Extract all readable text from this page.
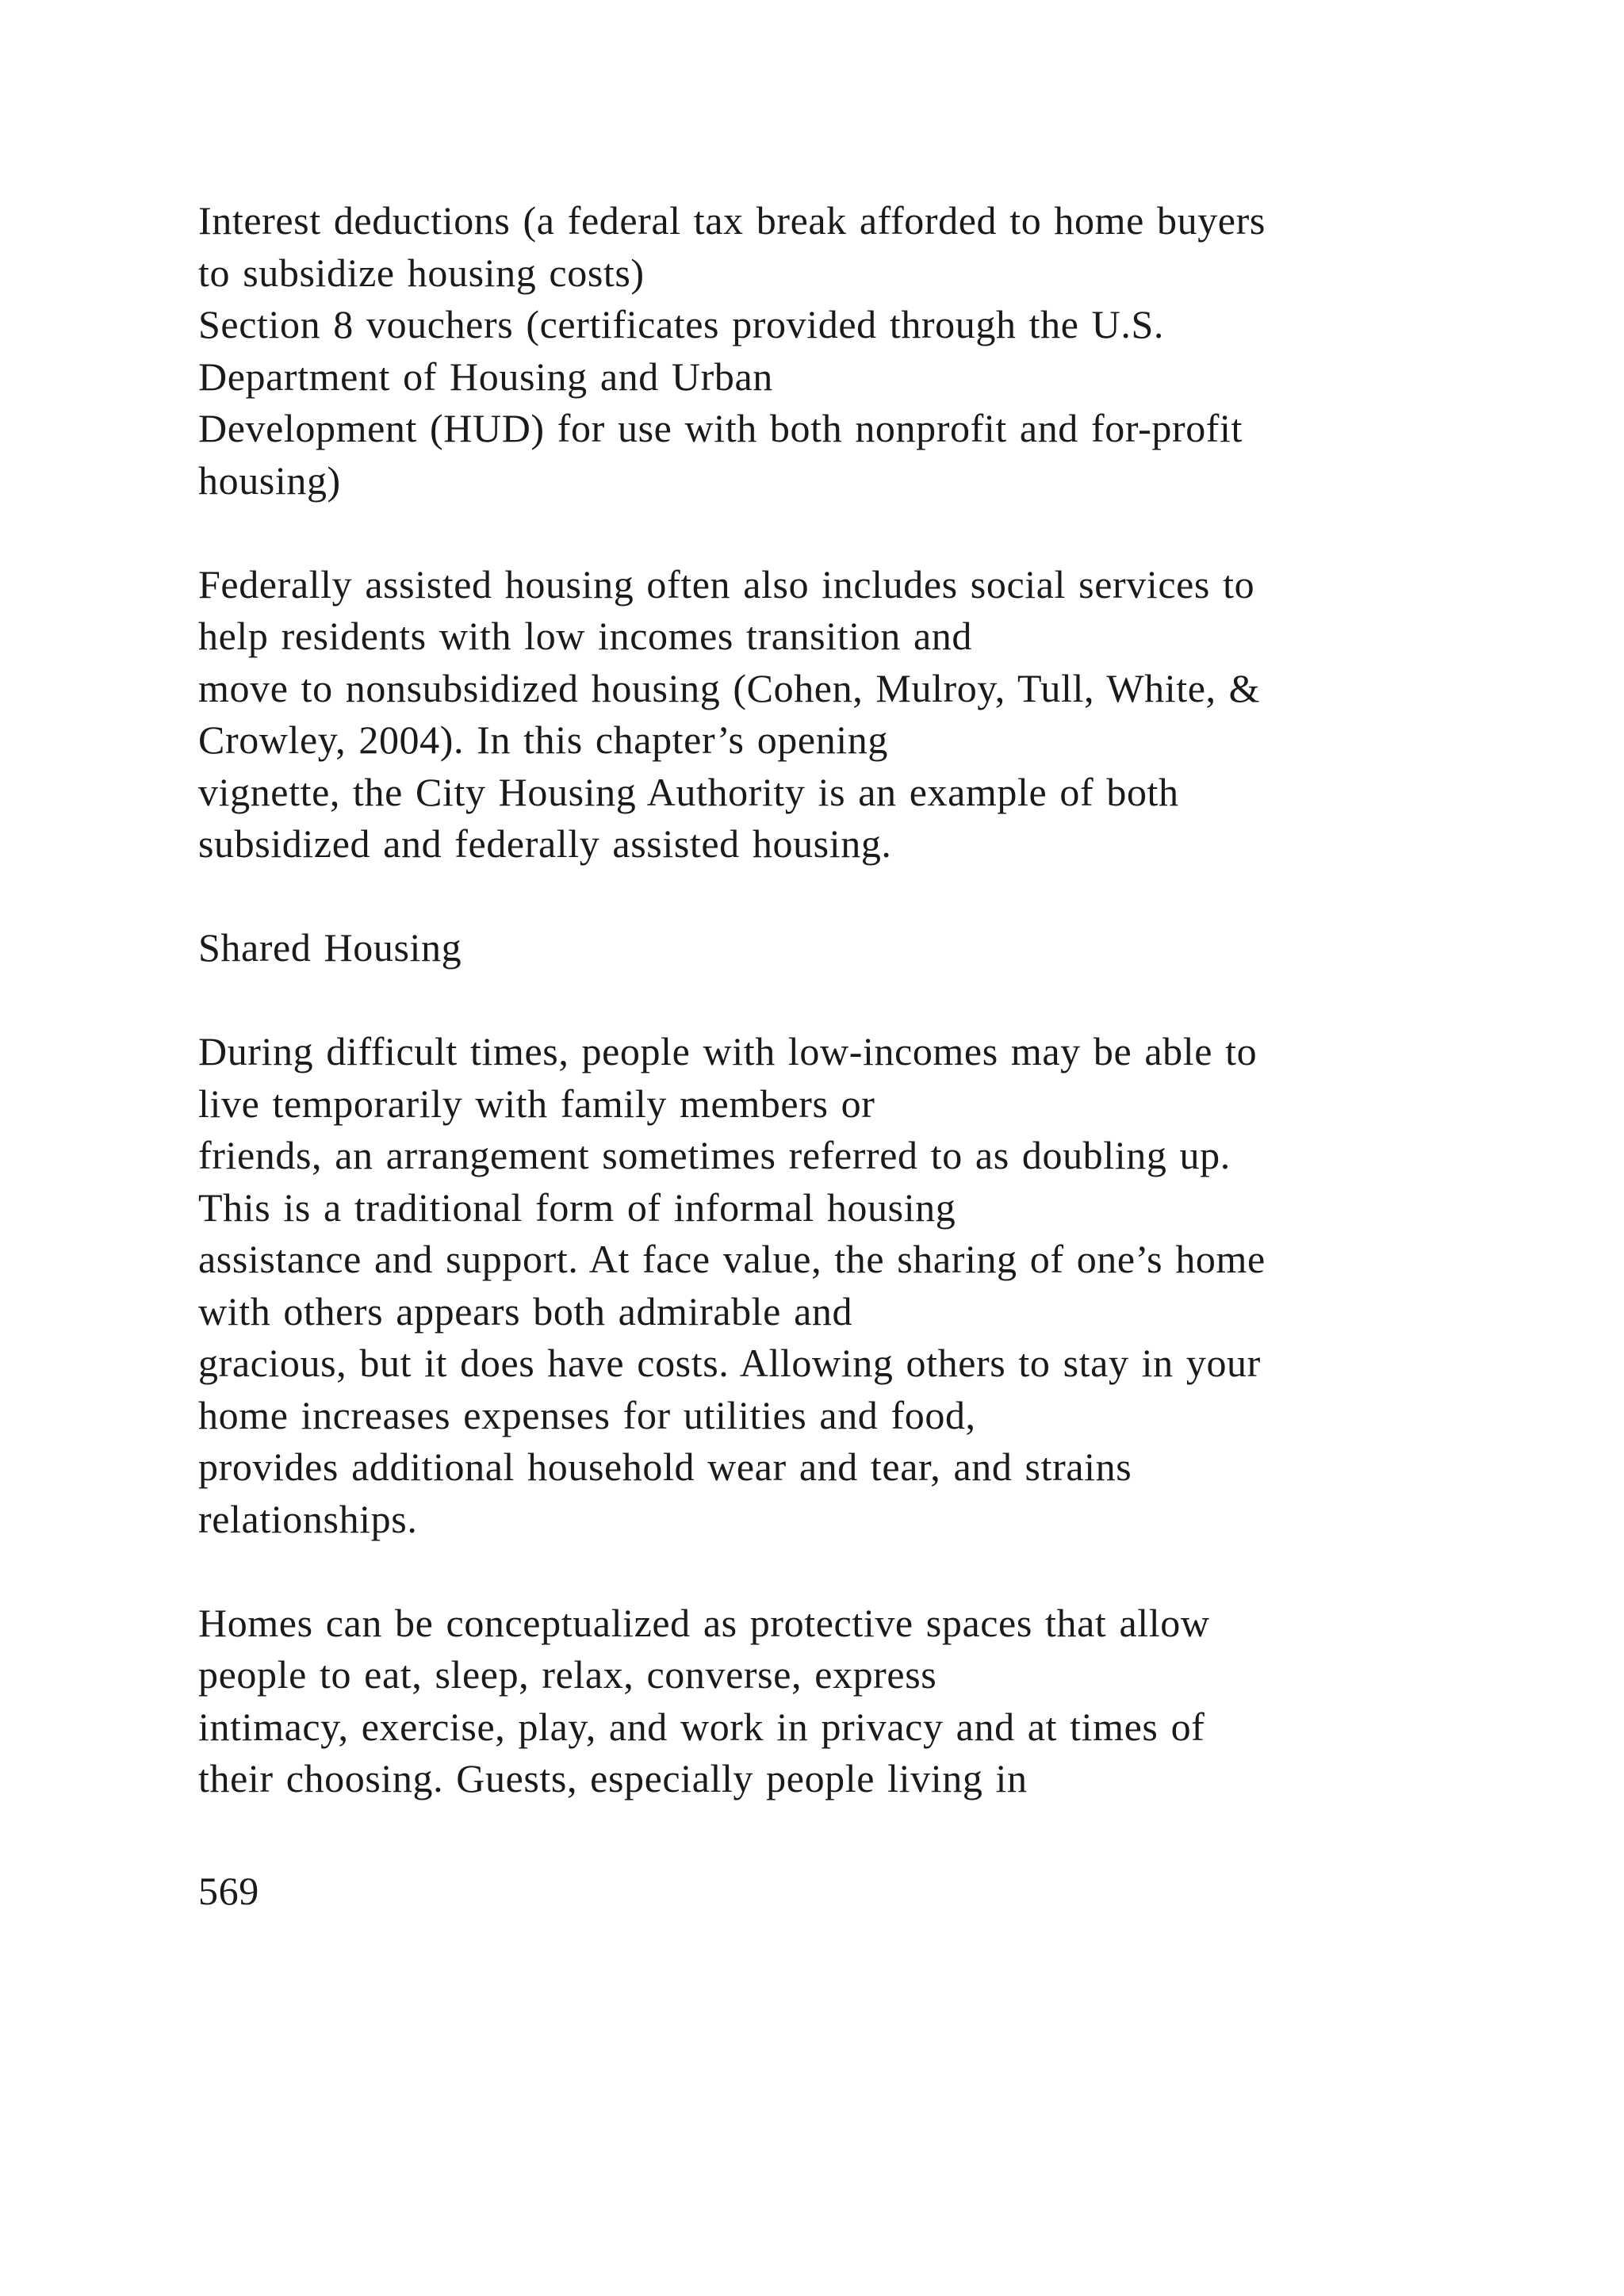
Interest deductions (a federal tax break afforded to home buyers
to subsidize housing costs)
Section 8 vouchers (certificates provided through the U.S.
Department of Housing and Urban
Development (HUD) for use with both nonprofit and for-profit
housing)
Federally assisted housing often also includes social services to
help residents with low incomes transition and
move to nonsubsidized housing (Cohen, Mulroy, Tull, White, &
Crowley, 2004). In this chapter’s opening
vignette, the City Housing Authority is an example of both
subsidized and federally assisted housing.
Shared Housing
During difficult times, people with low-incomes may be able to
live temporarily with family members or
friends, an arrangement sometimes referred to as doubling up.
This is a traditional form of informal housing
assistance and support. At face value, the sharing of one’s home
with others appears both admirable and
gracious, but it does have costs. Allowing others to stay in your
home increases expenses for utilities and food,
provides additional household wear and tear, and strains
relationships.
Homes can be conceptualized as protective spaces that allow
people to eat, sleep, relax, converse, express
intimacy, exercise, play, and work in privacy and at times of
their choosing. Guests, especially people living in
569
